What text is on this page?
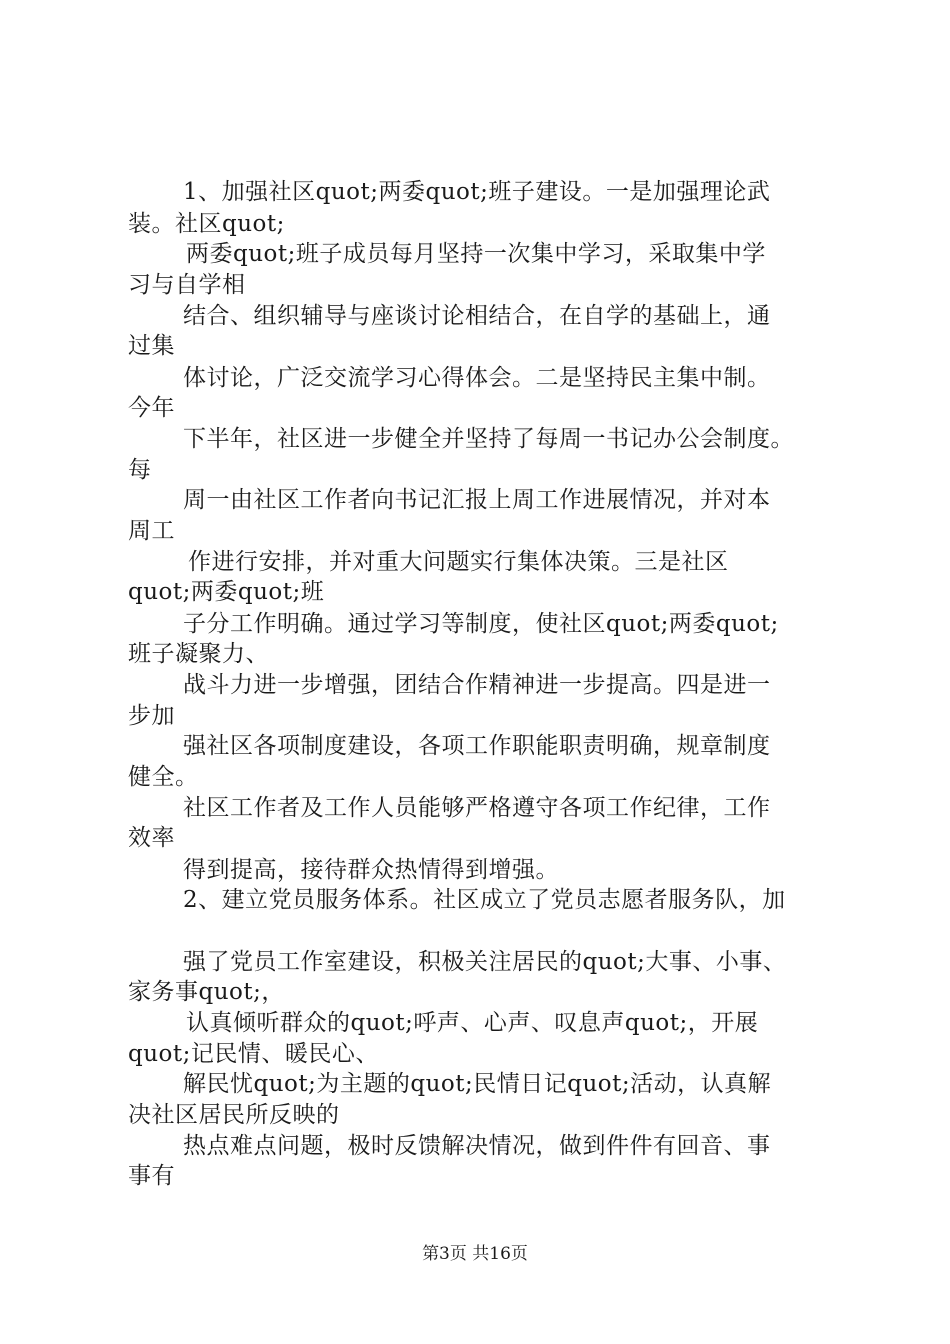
1、加强社区quot;两委quot;班子建设。一是加强理论武
装。社区quot;
两委quot;班子成员每月坚持一次集中学习，采取集中学
习与自学相
结合、组织辅导与座谈讨论相结合，在自学的基础上，通
过集
体讨论，广泛交流学习心得体会。二是坚持民主集中制。
今年
下半年，社区进一步健全并坚持了每周一书记办公会制度。
每
周一由社区工作者向书记汇报上周工作进展情况，并对本
周工
作进行安排，并对重大问题实行集体决策。三是社区
quot;两委quot;班
子分工作明确。通过学习等制度，使社区quot;两委quot;
班子凝聚力、
战斗力进一步增强，团结合作精神进一步提高。四是进一
步加
强社区各项制度建设，各项工作职能职责明确，规章制度
健全。
社区工作者及工作人员能够严格遵守各项工作纪律，工作
效率
得到提高，接待群众热情得到增强。
2、建立党员服务体系。社区成立了党员志愿者服务队，加
强了党员工作室建设，积极关注居民的quot;大事、小事、
家务事quot;，
认真倾听群众的quot;呼声、心声、叹息声quot;，开展
quot;记民情、暖民心、
解民忧quot;为主题的quot;民情日记quot;活动，认真解
决社区居民所反映的
热点难点问题，极时反馈解决情况，做到件件有回音、事
事有
第3页 共16页
